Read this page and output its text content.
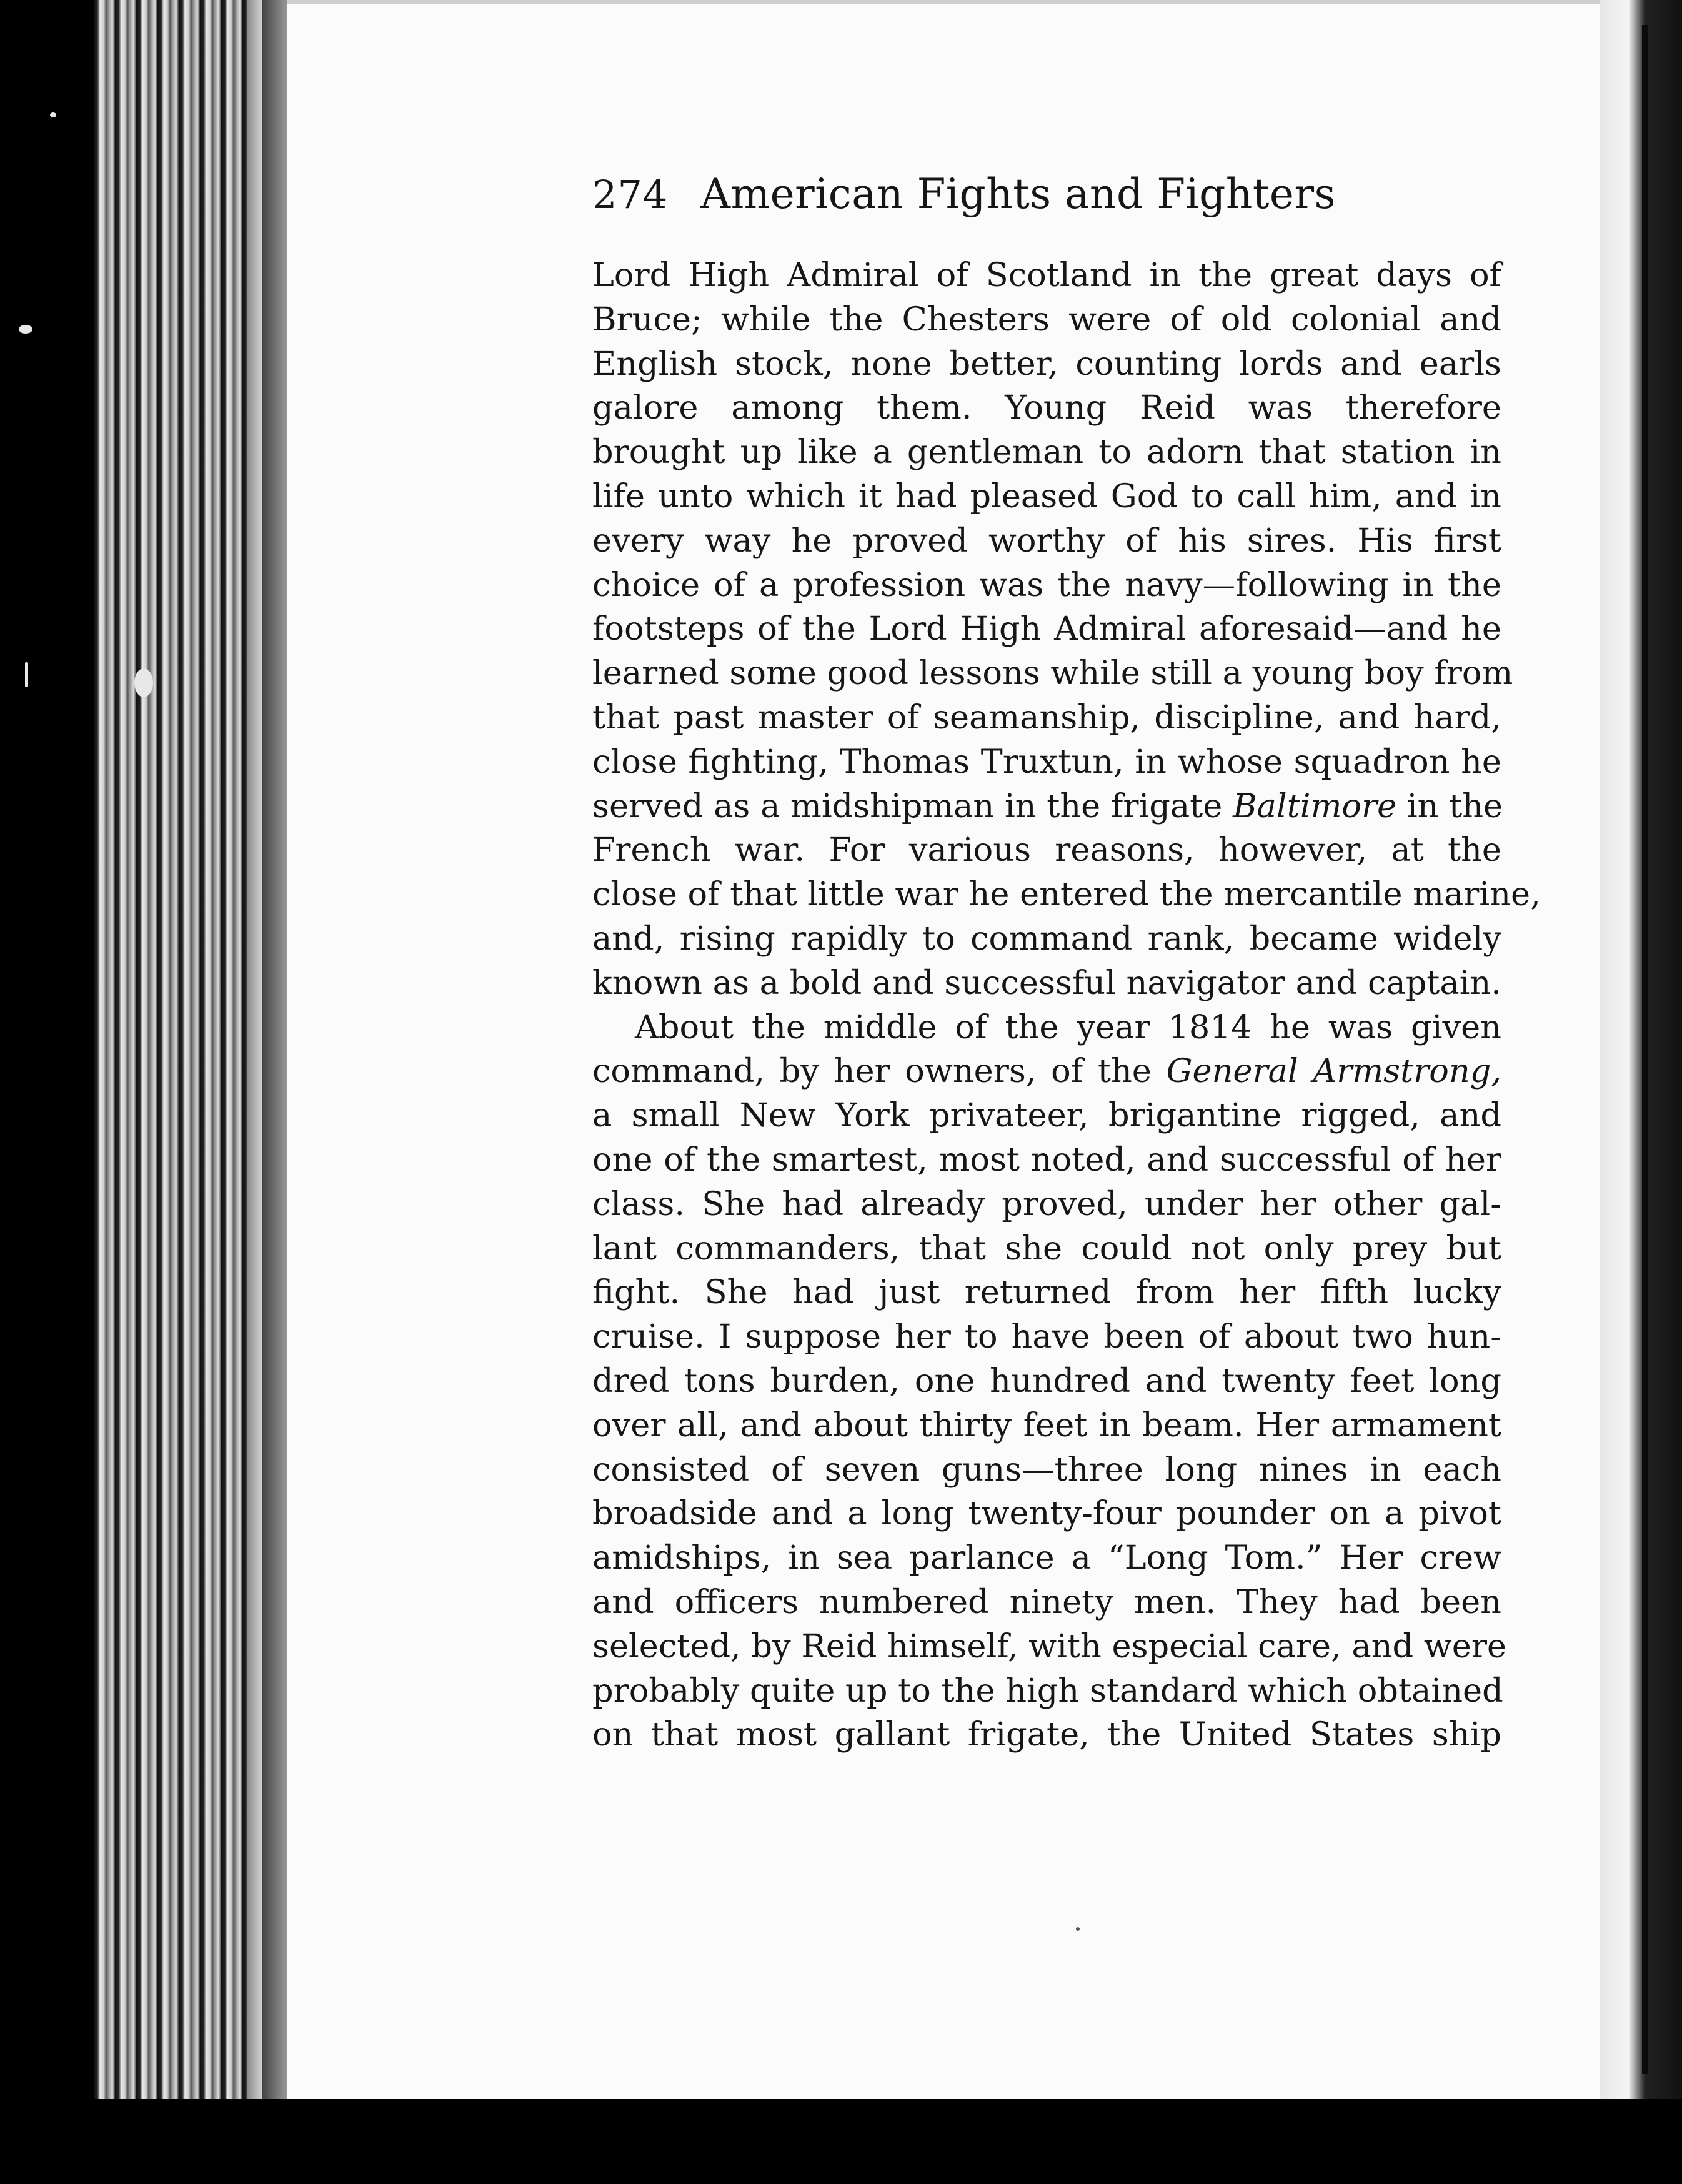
274 American Fights and Fighters
Lord High Admiral of Scotland in the great days of
Bruce; while the Chesters were of old colonial and
English stock, none better, counting lords and earls
galore among them. Young Reid was therefore
brought up like a gentleman to adorn that station in
life unto which it had pleased God to call him, and in
every way he proved worthy of his sires. His first
choice of a profession was the navy—following in the
footsteps of the Lord High Admiral aforesaid—and he
learned some good lessons while still a young boy from
that past master of seamanship, discipline, and hard,
close fighting, Thomas Truxtun, in whose squadron he
served as a midshipman in the frigate Baltimore in the
French war. For various reasons, however, at the
close of that little war he entered the mercantile marine,
and, rising rapidly to command rank, became widely
known as a bold and successful navigator and captain.
About the middle of the year 1814 he was given
command, by her owners, of the General Armstrong,
a small New York privateer, brigantine rigged, and
one of the smartest, most noted, and successful of her
class. She had already proved, under her other gal-
lant commanders, that she could not only prey but
fight. She had just returned from her fifth lucky
cruise. I suppose her to have been of about two hun-
dred tons burden, one hundred and twenty feet long
over all, and about thirty feet in beam. Her armament
consisted of seven guns—three long nines in each
broadside and a long twenty-four pounder on a pivot
amidships, in sea parlance a “Long Tom.” Her crew
and officers numbered ninety men. They had been
selected, by Reid himself, with especial care, and were
probably quite up to the high standard which obtained
on that most gallant frigate, the United States ship
